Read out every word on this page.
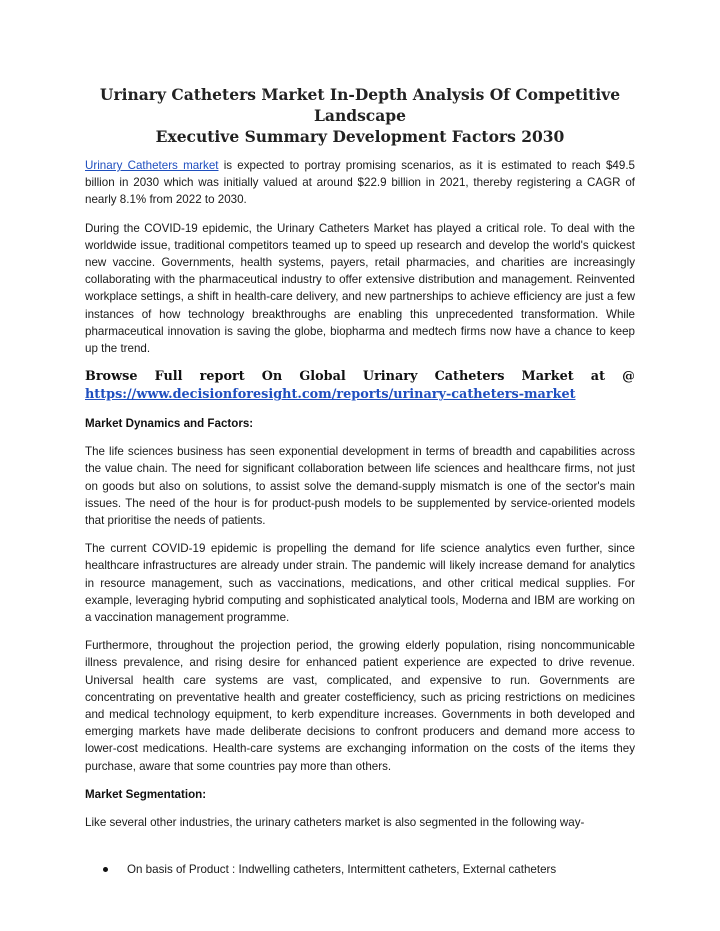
Urinary Catheters Market In-Depth Analysis Of Competitive Landscape
Executive Summary Development Factors 2030

Urinary Catheters market is expected to portray promising scenarios, as it is estimated to reach $49.5 billion in 2030 which was initially valued at around $22.9 billion in 2021, thereby registering a CAGR of nearly 8.1% from 2022 to 2030.

During the COVID-19 epidemic, the Urinary Catheters Market has played a critical role. To deal with the worldwide issue, traditional competitors teamed up to speed up research and develop the world's quickest new vaccine. Governments, health systems, payers, retail pharmacies, and charities are increasingly collaborating with the pharmaceutical industry to offer extensive distribution and management. Reinvented workplace settings, a shift in health-care delivery, and new partnerships to achieve efficiency are just a few instances of how technology breakthroughs are enabling this unprecedented transformation. While pharmaceutical innovation is saving the globe, biopharma and medtech firms now have a chance to keep up the trend.

Browse Full report On Global Urinary Catheters Market at @
https://www.decisionforesight.com/reports/urinary-catheters-market
Market Dynamics and Factors:

The life sciences business has seen exponential development in terms of breadth and capabilities across the value chain. The need for significant collaboration between life sciences and healthcare firms, not just on goods but also on solutions, to assist solve the demand-supply mismatch is one of the sector's main issues. The need of the hour is for product-push models to be supplemented by service-oriented models that prioritise the needs of patients.

The current COVID-19 epidemic is propelling the demand for life science analytics even further, since healthcare infrastructures are already under strain. The pandemic will likely increase demand for analytics in resource management, such as vaccinations, medications, and other critical medical supplies. For example, leveraging hybrid computing and sophisticated analytical tools, Moderna and IBM are working on a vaccination management programme.

Furthermore, throughout the projection period, the growing elderly population, rising noncommunicable illness prevalence, and rising desire for enhanced patient experience are expected to drive revenue. Universal health care systems are vast, complicated, and expensive to run. Governments are concentrating on preventative health and greater costefficiency, such as pricing restrictions on medicines and medical technology equipment, to kerb expenditure increases. Governments in both developed and emerging markets have made deliberate decisions to confront producers and demand more access to lower-cost medications. Health-care systems are exchanging information on the costs of the items they purchase, aware that some countries pay more than others.

Market Segmentation:

Like several other industries, the urinary catheters market is also segmented in the following way-

On basis of Product : Indwelling catheters, Intermittent catheters, External catheters
